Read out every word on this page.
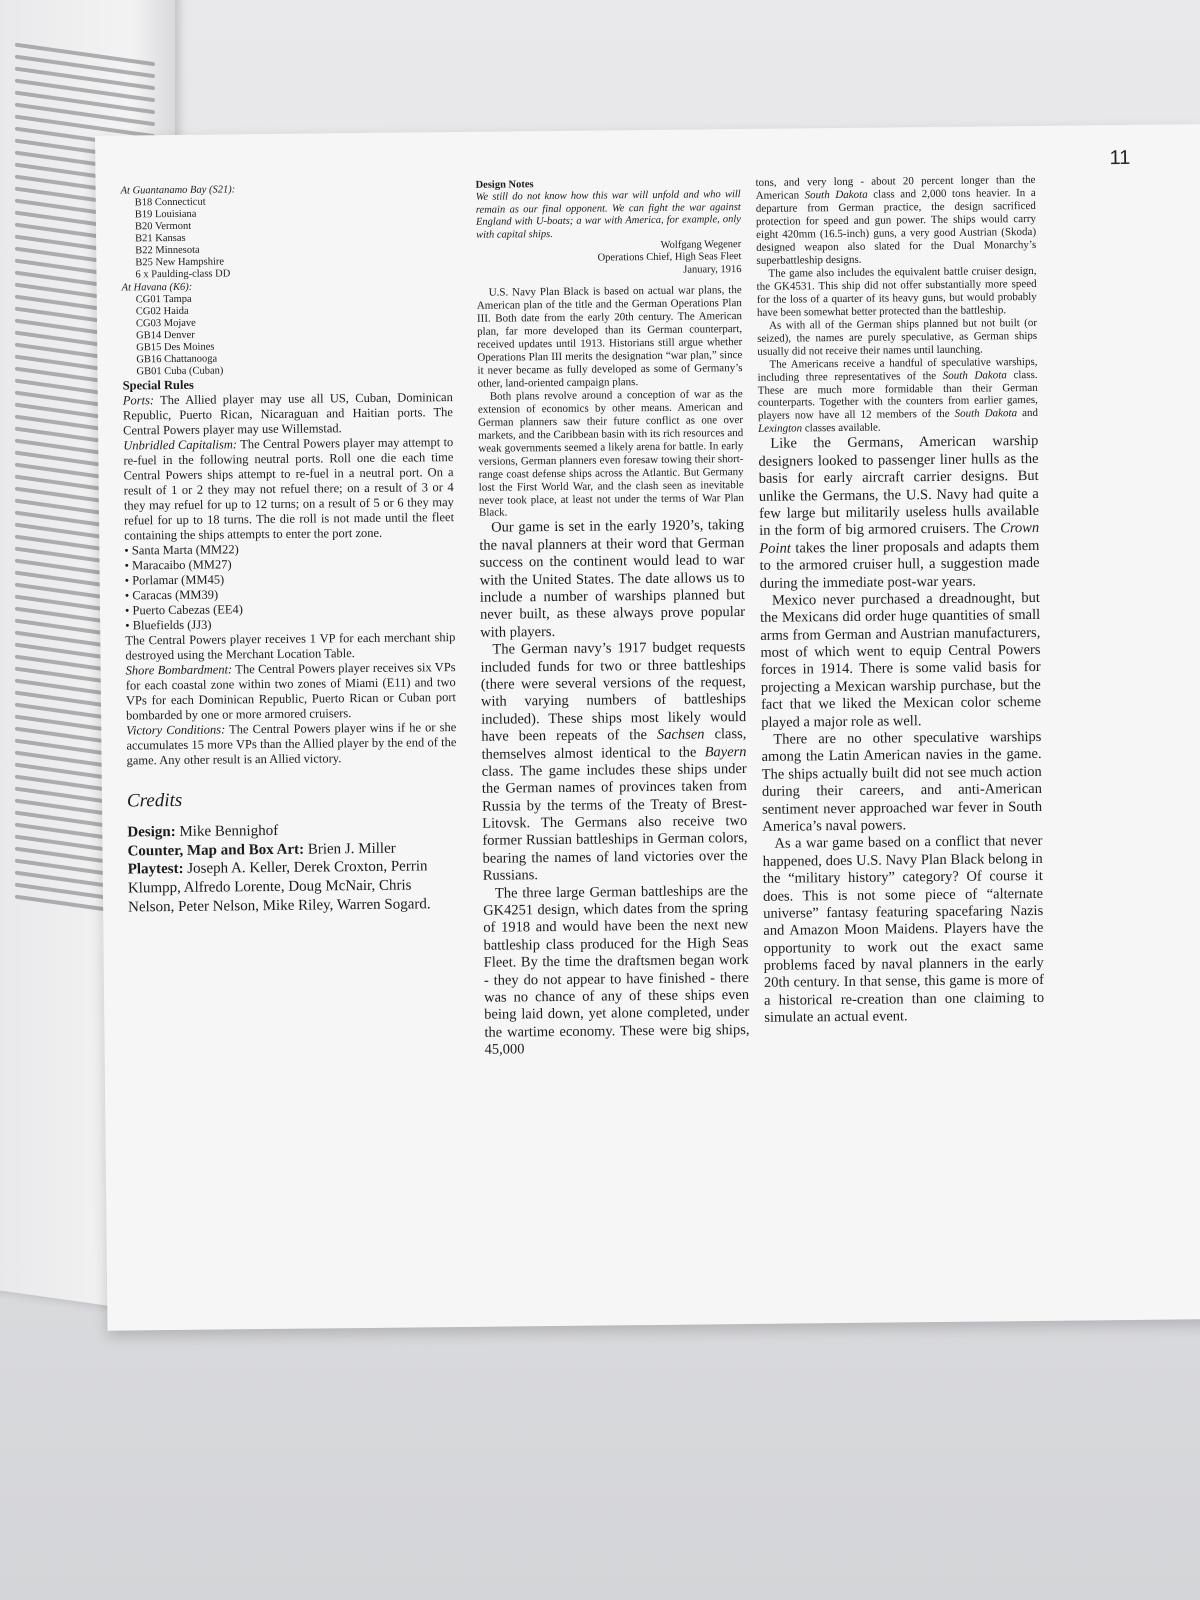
11

At Guantanamo Bay (S21):

B18 Connecticut
B19 Louisiana
B20 Vermont
B21 Kansas
B22 Minnesota
B25 New Hampshire
6 x Paulding-class DD

At Havana (K6):

CG01 Tampa
CG02 Haida
CG03 Mojave
GB14 Denver
GB15 Des Moines
GB16 Chattanooga
GB01 Cuba (Cuban)

Special Rules

Ports: The Allied player may use all US, Cuban, Dominican Republic, Puerto Rican, Nicaraguan and Haitian ports. The Central Powers player may use Willemstad.

Unbridled Capitalism: The Central Powers player may attempt to re-fuel in the following neutral ports. Roll one die each time Central Powers ships attempt to re-fuel in a neutral port. On a result of 1 or 2 they may not refuel there; on a result of 3 or 4 they may refuel for up to 12 turns; on a result of 5 or 6 they may refuel for up to 18 turns. The die roll is not made until the fleet containing the ships attempts to enter the port zone.

• Santa Marta (MM22)
• Maracaibo (MM27)
• Porlamar (MM45)
• Caracas (MM39)
• Puerto Cabezas (EE4)
• Bluefields (JJ3)

The Central Powers player receives 1 VP for each merchant ship destroyed using the Merchant Location Table.

Shore Bombardment: The Central Powers player receives six VPs for each coastal zone within two zones of Miami (E11) and two VPs for each Dominican Republic, Puerto Rican or Cuban port bombarded by one or more armored cruisers.

Victory Conditions: The Central Powers player wins if he or she accumulates 15 more VPs than the Allied player by the end of the game. Any other result is an Allied victory.

Credits

Design: Mike Bennighof

Counter, Map and Box Art: Brien J. Miller

Playtest: Joseph A. Keller, Derek Croxton, Perrin Klumpp, Alfredo Lorente, Doug McNair, Chris Nelson, Peter Nelson, Mike Riley, Warren Sogard.

Design Notes

We still do not know how this war will unfold and who will remain as our final opponent. We can fight the war against England with U-boats; a war with America, for example, only with capital ships.

Wolfgang Wegener
Operations Chief, High Seas Fleet
January, 1916

U.S. Navy Plan Black is based on actual war plans, the American plan of the title and the German Operations Plan III. Both date from the early 20th century. The American plan, far more developed than its German counterpart, received updates until 1913. Historians still argue whether Operations Plan III merits the designation “war plan,” since it never became as fully developed as some of Germany’s other, land-oriented campaign plans.

Both plans revolve around a conception of war as the extension of economics by other means. American and German planners saw their future conflict as one over markets, and the Caribbean basin with its rich resources and weak governments seemed a likely arena for battle. In early versions, German planners even foresaw towing their short-range coast defense ships across the Atlantic. But Germany lost the First World War, and the clash seen as inevitable never took place, at least not under the terms of War Plan Black.

Our game is set in the early 1920’s, taking the naval planners at their word that German success on the continent would lead to war with the United States. The date allows us to include a number of warships planned but never built, as these always prove popular with players.

The German navy’s 1917 budget requests included funds for two or three battleships (there were several versions of the request, with varying numbers of battleships included). These ships most likely would have been repeats of the Sachsen class, themselves almost identical to the Bayern class. The game includes these ships under the German names of provinces taken from Russia by the terms of the Treaty of Brest-Litovsk. The Germans also receive two former Russian battleships in German colors, bearing the names of land victories over the Russians.

The three large German battleships are the GK4251 design, which dates from the spring of 1918 and would have been the next new battleship class produced for the High Seas Fleet. By the time the draftsmen began work - they do not appear to have finished - there was no chance of any of these ships even being laid down, yet alone completed, under the wartime economy. These were big ships, 45,000

tons, and very long - about 20 percent longer than the American South Dakota class and 2,000 tons heavier. In a departure from German practice, the design sacrificed protection for speed and gun power. The ships would carry eight 420mm (16.5-inch) guns, a very good Austrian (Skoda) designed weapon also slated for the Dual Monarchy’s superbattleship designs.

The game also includes the equivalent battle cruiser design, the GK4531. This ship did not offer substantially more speed for the loss of a quarter of its heavy guns, but would probably have been somewhat better protected than the battleship.

As with all of the German ships planned but not built (or seized), the names are purely speculative, as German ships usually did not receive their names until launching.

The Americans receive a handful of speculative warships, including three representatives of the South Dakota class. These are much more formidable than their German counterparts. Together with the counters from earlier games, players now have all 12 members of the South Dakota and Lexington classes available.

Like the Germans, American warship designers looked to passenger liner hulls as the basis for early aircraft carrier designs. But unlike the Germans, the U.S. Navy had quite a few large but militarily useless hulls available in the form of big armored cruisers. The Crown Point takes the liner proposals and adapts them to the armored cruiser hull, a suggestion made during the immediate post-war years.

Mexico never purchased a dreadnought, but the Mexicans did order huge quantities of small arms from German and Austrian manufacturers, most of which went to equip Central Powers forces in 1914. There is some valid basis for projecting a Mexican warship purchase, but the fact that we liked the Mexican color scheme played a major role as well.

There are no other speculative warships among the Latin American navies in the game. The ships actually built did not see much action during their careers, and anti-American sentiment never approached war fever in South America’s naval powers.

As a war game based on a conflict that never happened, does U.S. Navy Plan Black belong in the “military history” category? Of course it does. This is not some piece of “alternate universe” fantasy featuring spacefaring Nazis and Amazon Moon Maidens. Players have the opportunity to work out the exact same problems faced by naval planners in the early 20th century. In that sense, this game is more of a historical re-creation than one claiming to simulate an actual event.
